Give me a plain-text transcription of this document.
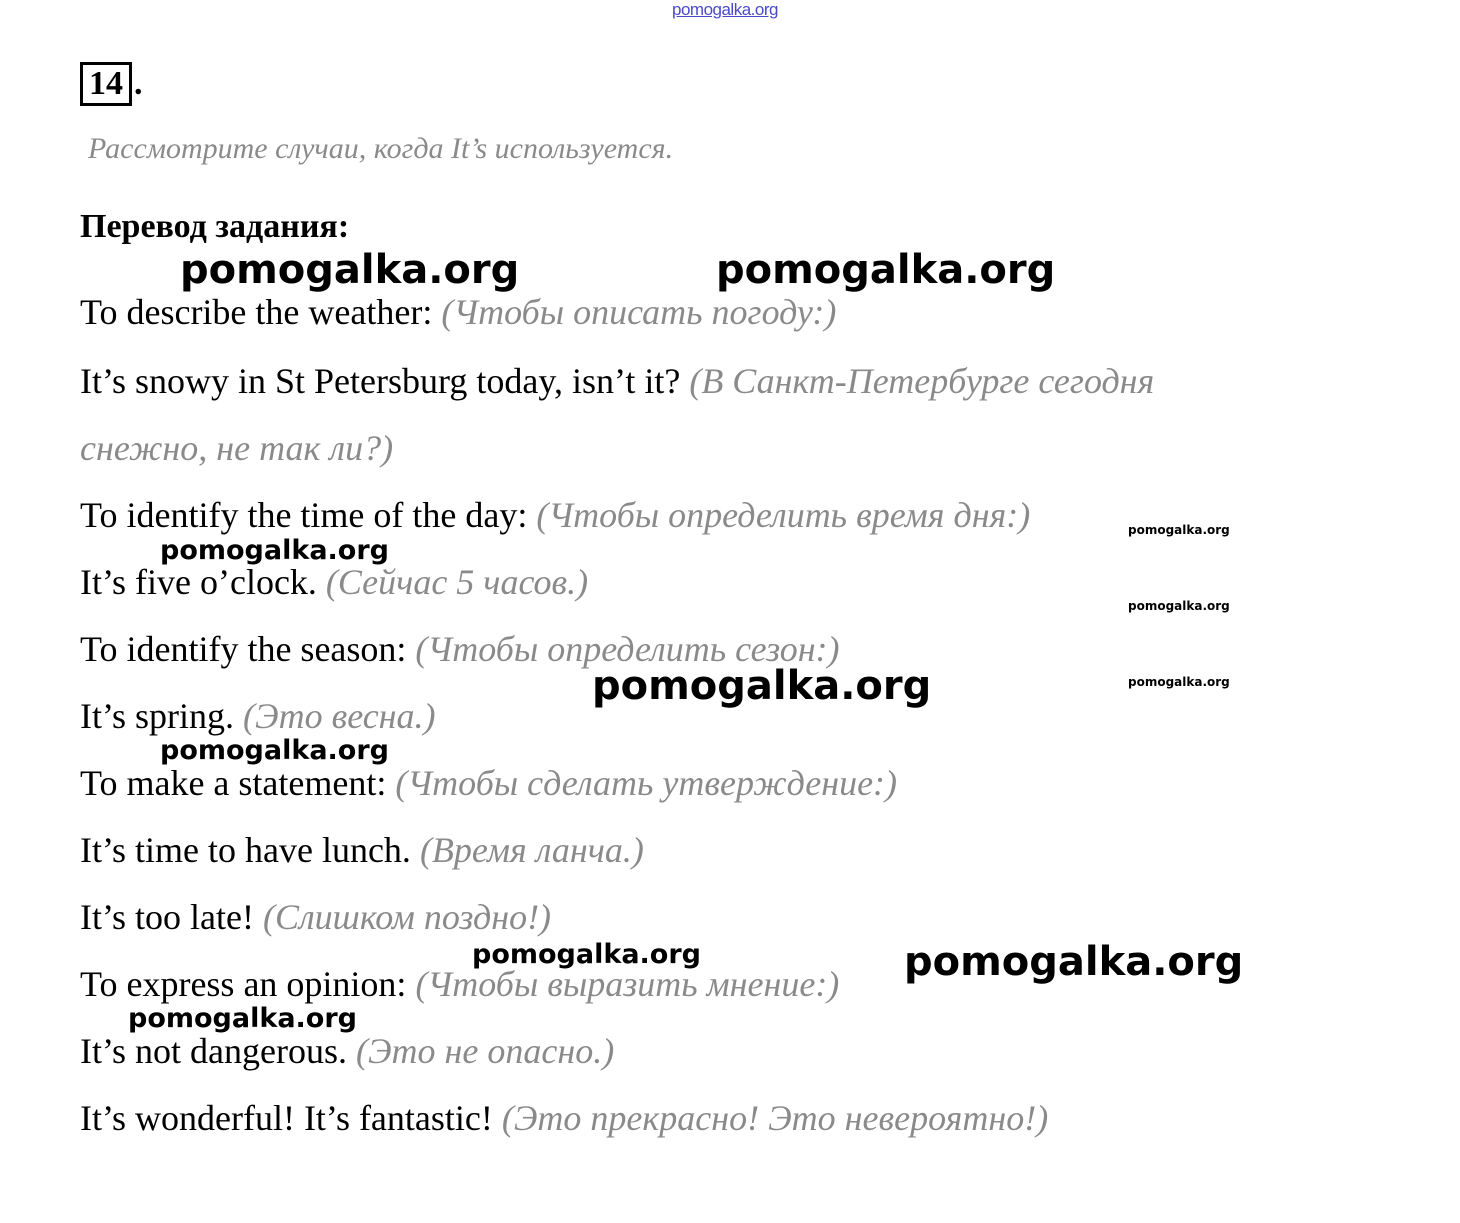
pomogalka.org
14 .
Рассмотрите случаи, когда It’s используется.
Перевод задания:
To describe the weather: (Чтобы описать погоду:)
It’s snowy in St Petersburg today, isn’t it? (В Санкт-Петербурге сегодня
снежно, не так ли?)
To identify the time of the day: (Чтобы определить время дня:)
It’s five o’clock. (Сейчас 5 часов.)
To identify the season: (Чтобы определить сезон:)
It’s spring. (Это весна.)
To make a statement: (Чтобы сделать утверждение:)
It’s time to have lunch. (Время ланча.)
It’s too late! (Слишком поздно!)
To express an opinion: (Чтобы выразить мнение:)
It’s not dangerous. (Это не опасно.)
It’s wonderful! It’s fantastic! (Это прекрасно! Это невероятно!)
pomogalka.org	pomogalka.org
pomogalka.org
pomogalka.org
pomogalka.org
pomogalka.org	pomogalka.org
pomogalka.org
pomogalka.org	pomogalka.org
pomogalka.org
